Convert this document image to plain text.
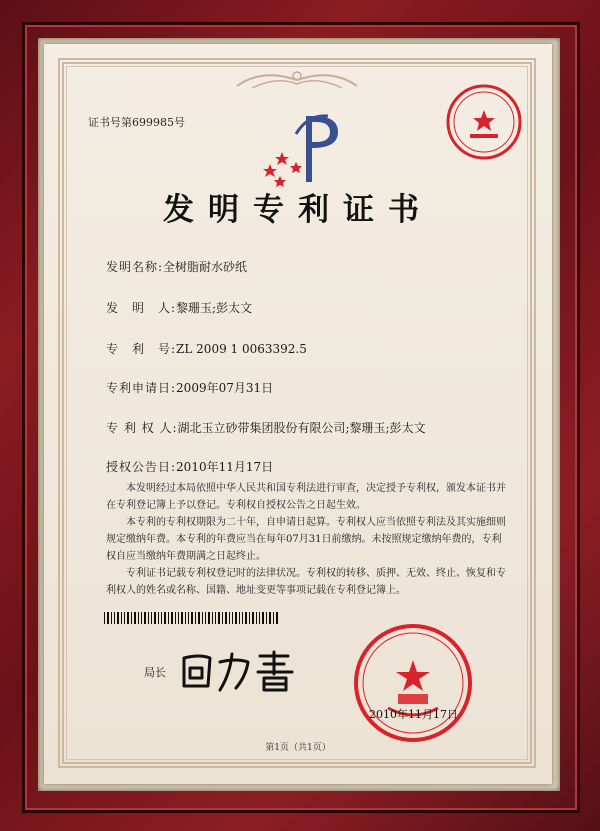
证书号第699985号
发明专利证书
发明名称:全树脂耐水砂纸
发　明　人:黎珊玉;彭太文
专　利　号:ZL 2009 1 0063392.5
专利申请日:2009年07月31日
专 利 权 人:湖北玉立砂带集团股份有限公司;黎珊玉;彭太文
授权公告日:2010年11月17日

本发明经过本局依照中华人民共和国专利法进行审查，决定授予专利权，颁发本证书并在专利登记簿上予以登记。专利权自授权公告之日起生效。

本专利的专利权期限为二十年，自申请日起算。专利权人应当依照专利法及其实施细则规定缴纳年费。本专利的年费应当在每年07月31日前缴纳。未按照规定缴纳年费的，专利权自应当缴纳年费期满之日起终止。

专利证书记载专利权登记时的法律状况。专利权的转移、质押、无效、终止、恢复和专利权人的姓名或名称、国籍、地址变更等事项记载在专利登记簿上。

局长
2010年11月17日
第1页（共1页）
